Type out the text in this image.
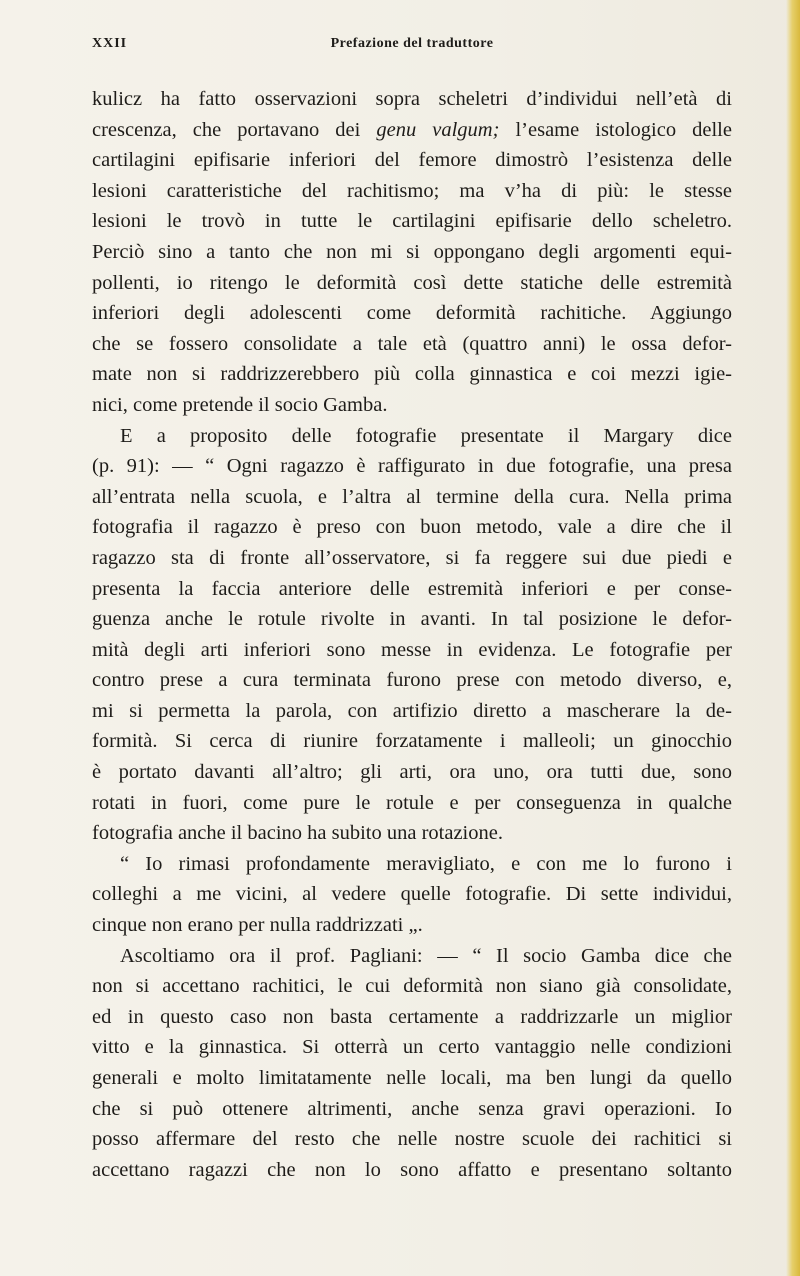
XXII	Prefazione del traduttore
kulicz ha fatto osservazioni sopra scheletri d’individui nell’età di
crescenza, che portavano dei genu valgum; l’esame istologico delle
cartilagini epifisarie inferiori del femore dimostrò l’esistenza delle
lesioni caratteristiche del rachitismo; ma v’ha di più: le stesse
lesioni le trovò in tutte le cartilagini epifisarie dello scheletro.
Perciò sino a tanto che non mi si oppongano degli argomenti equi-
pollenti, io ritengo le deformità così dette statiche delle estremità
inferiori degli adolescenti come deformità rachitiche. Aggiungo
che se fossero consolidate a tale età (quattro anni) le ossa defor-
mate non si raddrizzerebbero più colla ginnastica e coi mezzi igie-
nici, come pretende il socio Gamba.
E a proposito delle fotografie presentate il Margary dice
(p. 91): — “ Ogni ragazzo è raffigurato in due fotografie, una presa
all’entrata nella scuola, e l’altra al termine della cura. Nella prima
fotografia il ragazzo è preso con buon metodo, vale a dire che il
ragazzo sta di fronte all’osservatore, si fa reggere sui due piedi e
presenta la faccia anteriore delle estremità inferiori e per conse-
guenza anche le rotule rivolte in avanti. In tal posizione le defor-
mità degli arti inferiori sono messe in evidenza. Le fotografie per
contro prese a cura terminata furono prese con metodo diverso, e,
mi si permetta la parola, con artifizio diretto a mascherare la de-
formità. Si cerca di riunire forzatamente i malleoli; un ginocchio
è portato davanti all’altro; gli arti, ora uno, ora tutti due, sono
rotati in fuori, come pure le rotule e per conseguenza in qualche
fotografia anche il bacino ha subito una rotazione.
“ Io rimasi profondamente meravigliato, e con me lo furono i
colleghi a me vicini, al vedere quelle fotografie. Di sette individui,
cinque non erano per nulla raddrizzati „.
Ascoltiamo ora il prof. Pagliani: — “ Il socio Gamba dice che
non si accettano rachitici, le cui deformità non siano già consolidate,
ed in questo caso non basta certamente a raddrizzarle un miglior
vitto e la ginnastica. Si otterrà un certo vantaggio nelle condizioni
generali e molto limitatamente nelle locali, ma ben lungi da quello
che si può ottenere altrimenti, anche senza gravi operazioni. Io
posso affermare del resto che nelle nostre scuole dei rachitici si
accettano ragazzi che non lo sono affatto e presentano soltanto
